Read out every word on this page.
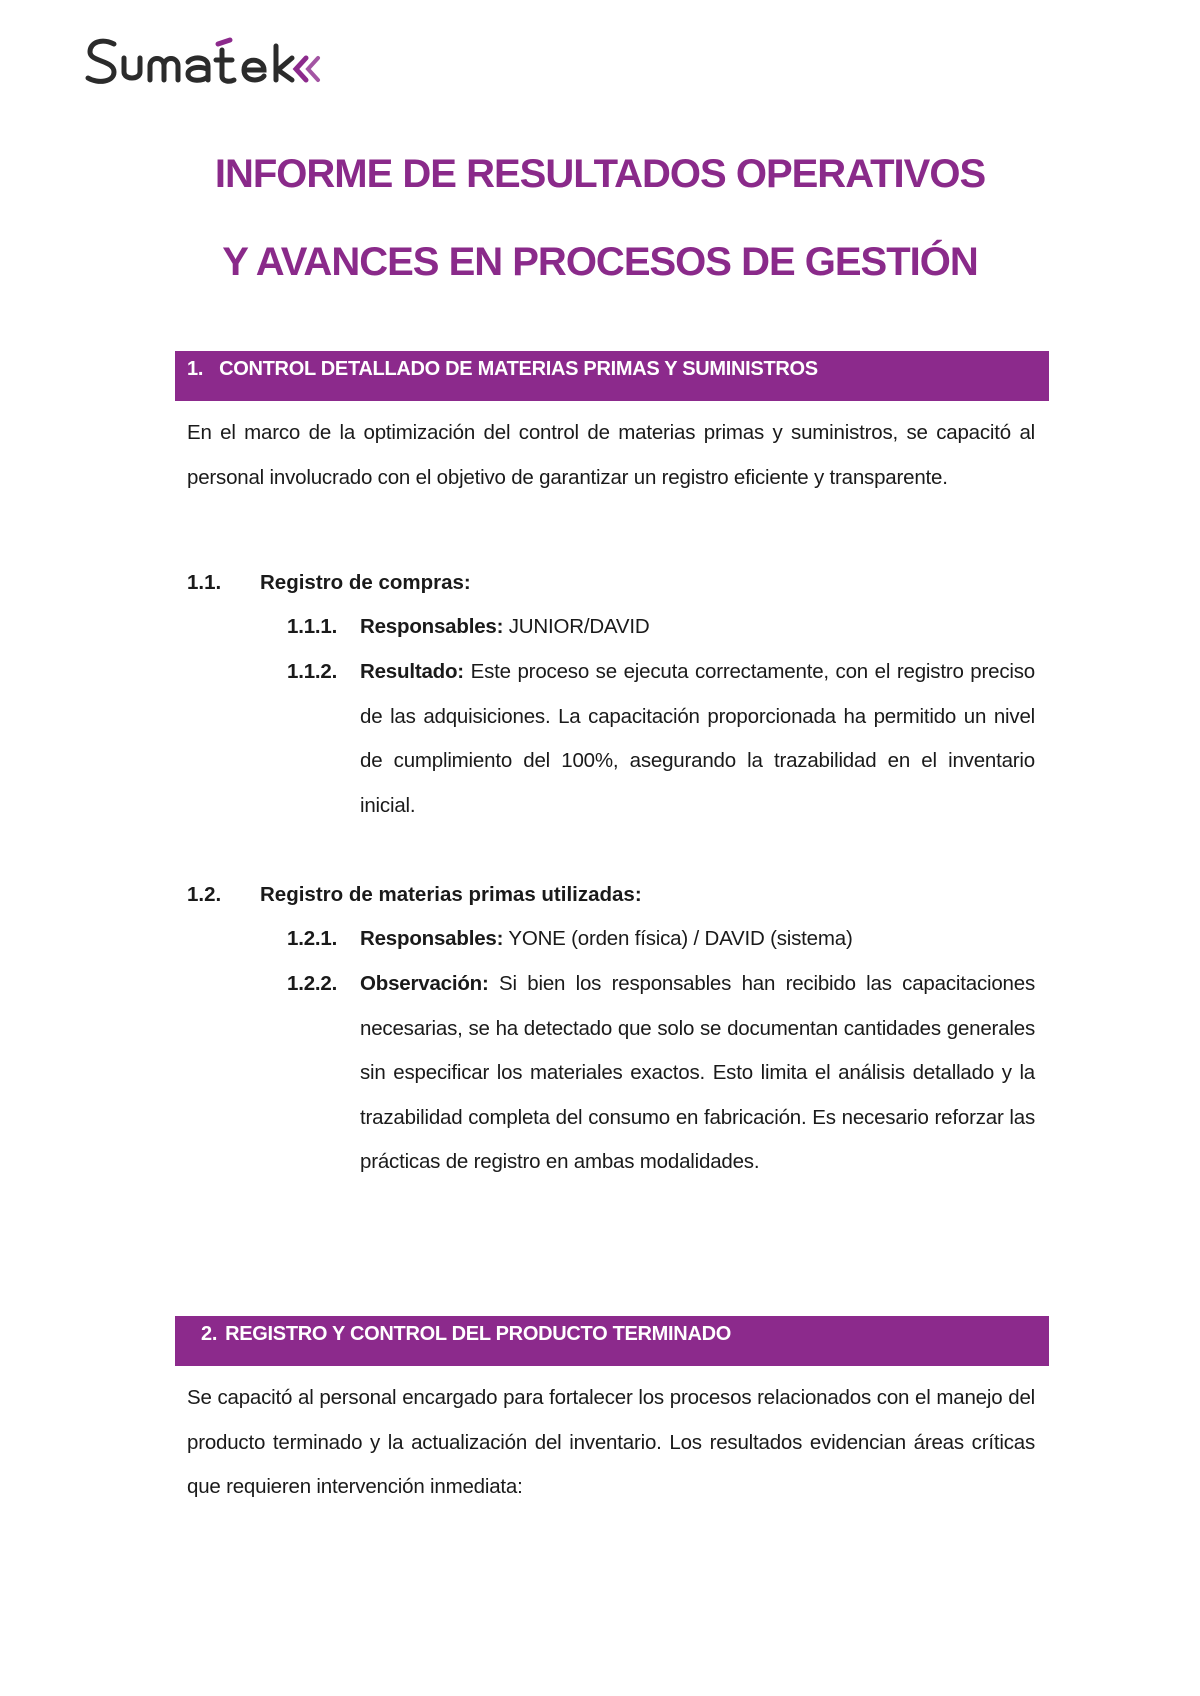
INFORME DE RESULTADOS OPERATIVOS
Y AVANCES EN PROCESOS DE GESTIÓN
1. CONTROL DETALLADO DE MATERIAS PRIMAS Y SUMINISTROS
En el marco de la optimización del control de materias primas y suministros, se capacitó al personal involucrado con el objetivo de garantizar un registro eficiente y transparente.
1.1. Registro de compras:
1.1.1. Responsables: JUNIOR/DAVID
1.1.2. Resultado: Este proceso se ejecuta correctamente, con el registro preciso de las adquisiciones. La capacitación proporcionada ha permitido un nivel de cumplimiento del 100%, asegurando la trazabilidad en el inventario inicial.
1.2. Registro de materias primas utilizadas:
1.2.1. Responsables: YONE (orden física) / DAVID (sistema)
1.2.2. Observación: Si bien los responsables han recibido las capacitaciones necesarias, se ha detectado que solo se documentan cantidades generales sin especificar los materiales exactos. Esto limita el análisis detallado y la trazabilidad completa del consumo en fabricación. Es necesario reforzar las prácticas de registro en ambas modalidades.
2. REGISTRO Y CONTROL DEL PRODUCTO TERMINADO
Se capacitó al personal encargado para fortalecer los procesos relacionados con el manejo del producto terminado y la actualización del inventario. Los resultados evidencian áreas críticas que requieren intervención inmediata:
